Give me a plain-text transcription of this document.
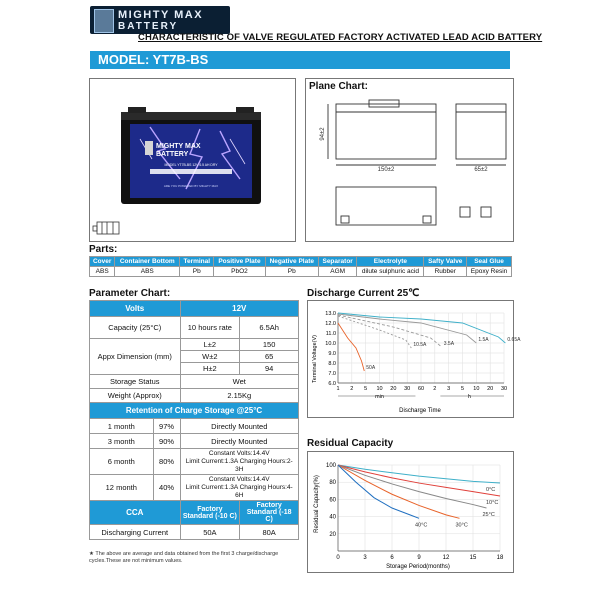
MIGHTY MAX
BATTERY
CHARACTERISTIC OF VALVE REGULATED FACTORY ACTIVATED LEAD ACID BATTERY
MODEL: YT7B-BS
MIGHTY MAX
BATTERY
MODEL YT7B-BS 12V 6.5 AH DRY
ARE YOU POWERED BY MIGHTY MAX
Plane Chart:
150±2
94±2
65±2
Parts:
Cover	Container Bottom	Terminal	Positive Plate	Negative Plate	Separator	Electrolyte	Safty Valve	Seal Glue
ABS	ABS	Pb	PbO2	Pb	AGM	dilute sulphuric acid	Rubber	Epoxy Resin
Parameter Chart:
Volts		12V	
Capacity (25°C)		10 hours rate	6.5Ah
Appx Dimension (mm)		L±2	150
		W±2	65
		H±2	94
Storage Status		Wet	
Weight (Approx)		2.15Kg	
Retention of Charge Storage @25°C			
1 month	97%	Directly Mounted	
3 month	90%	Directly Mounted	
6 month	80%	Constant Volts:14.4V
Limit Current:1.3A Charging Hours:2-3H	

12 month	40%	Constant Volts:14.4V
Limit Current:1.3A Charging Hours:4-6H	

CCA		Factory Standard (-10 C)	Factory Standard (-18 C)
Discharging Current		50A	80A
★ The above are average and data obtained from the first 3 charge/discharge cycles.These are not minimum values.
Discharge Current 25℃
Terminal Voltage(V)
Discharge Time
1 2 5 10 20 30 60 2 3 5 10 20 30
13.0
12.0
11.0
10.0
9.0
8.0
7.0
6.0
min	h
0.65A
1.5A
3.5A
10.5A
50A
Residual Capacity
Residual Capacity(%)
Storage Period(months)
100
80
60
40
20
0	3	6	9	12	15	18
0°C
10°C
25°C
30°C
40°C
